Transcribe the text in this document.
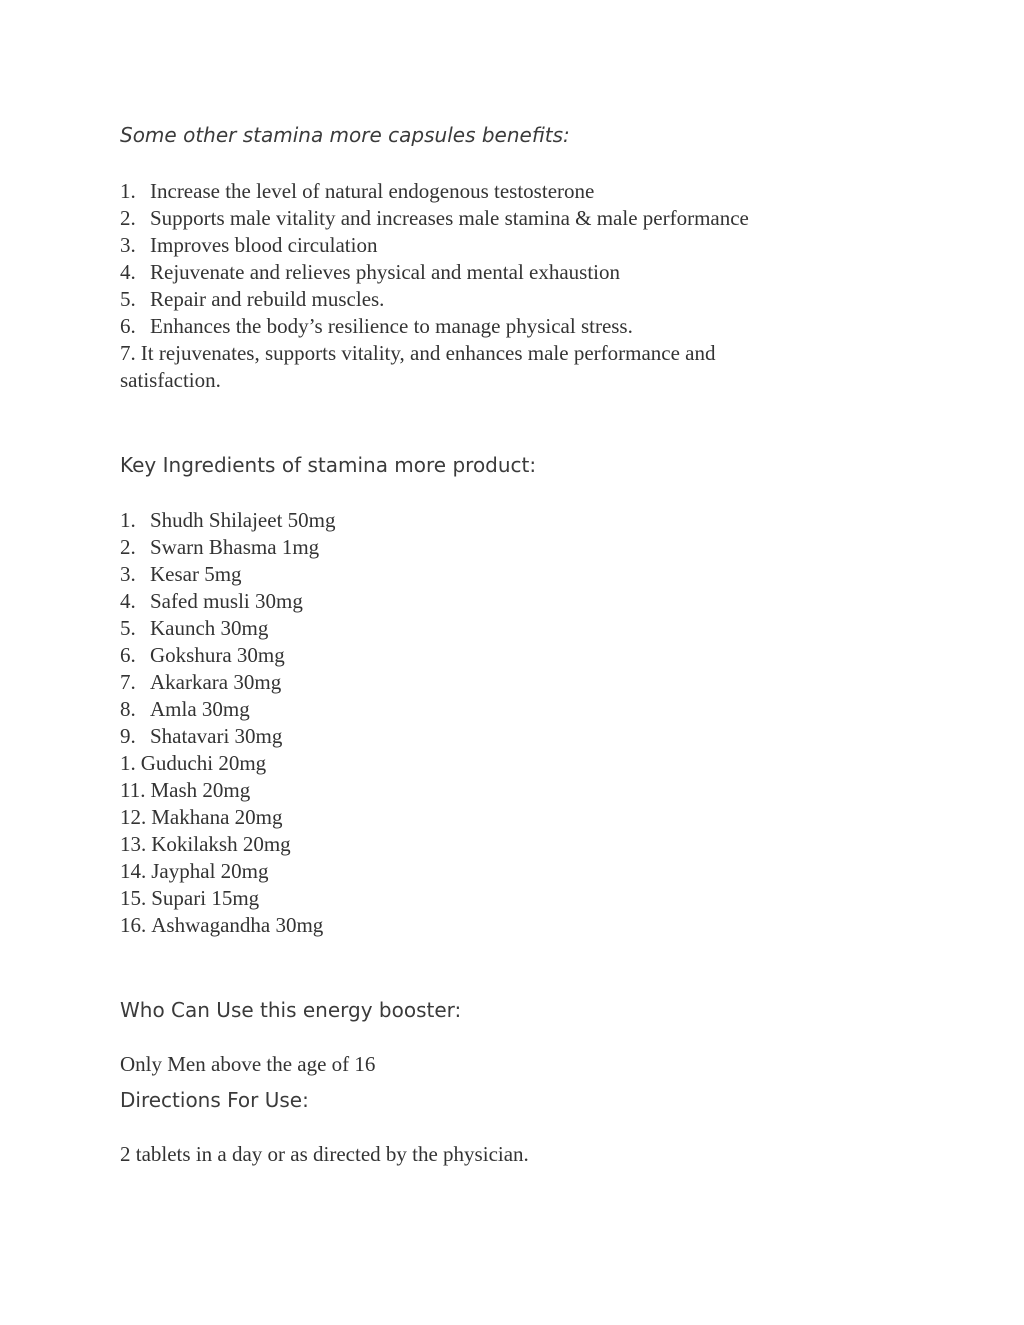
Some other stamina more capsules benefits:
1. Increase the level of natural endogenous testosterone
2. Supports male vitality and increases male stamina & male performance
3. Improves blood circulation
4. Rejuvenate and relieves physical and mental exhaustion
5. Repair and rebuild muscles.
6. Enhances the body’s resilience to manage physical stress.
7. It rejuvenates, supports vitality, and enhances male performance and satisfaction.
Key Ingredients of stamina more product:
1. Shudh Shilajeet 50mg
2. Swarn Bhasma 1mg
3. Kesar 5mg
4. Safed musli 30mg
5. Kaunch 30mg
6. Gokshura 30mg
7. Akarkara 30mg
8. Amla 30mg
9. Shatavari 30mg
1. Guduchi 20mg
11. Mash 20mg
12. Makhana 20mg
13. Kokilaksh 20mg
14. Jayphal 20mg
15. Supari 15mg
16. Ashwagandha 30mg
Who Can Use this energy booster:

Only Men above the age of 16

Directions For Use:

2 tablets in a day or as directed by the physician.
